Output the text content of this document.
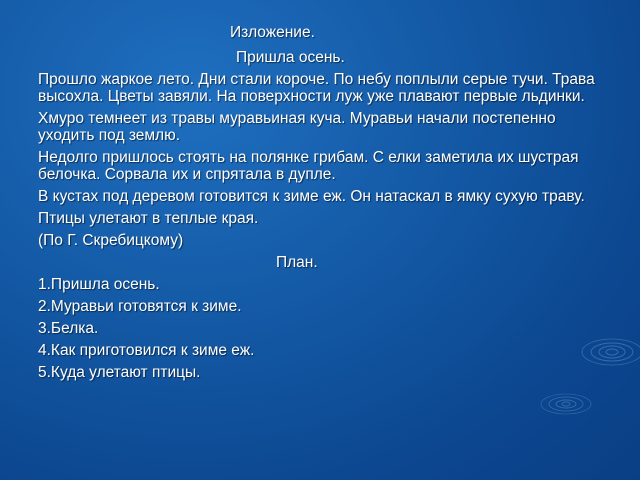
Изложение.
Пришла осень.
Прошло жаркое лето. Дни стали короче. По небу поплыли серые тучи. Трава высохла. Цветы завяли. На поверхности луж уже плавают первые льдинки.
Хмуро темнеет из травы муравьиная куча. Муравьи начали постепенно уходить под землю.
Недолго пришлось стоять на полянке грибам. С елки заметила их шустрая белочка. Сорвала их и спрятала в дупле.
В кустах под деревом готовится к зиме еж. Он натаскал в ямку сухую траву.
Птицы улетают в теплые края.
(По Г. Скребицкому)
План.
1.Пришла осень.
2.Муравьи готовятся к зиме.
3.Белка.
4.Как приготовился к зиме еж.
5.Куда улетают птицы.
